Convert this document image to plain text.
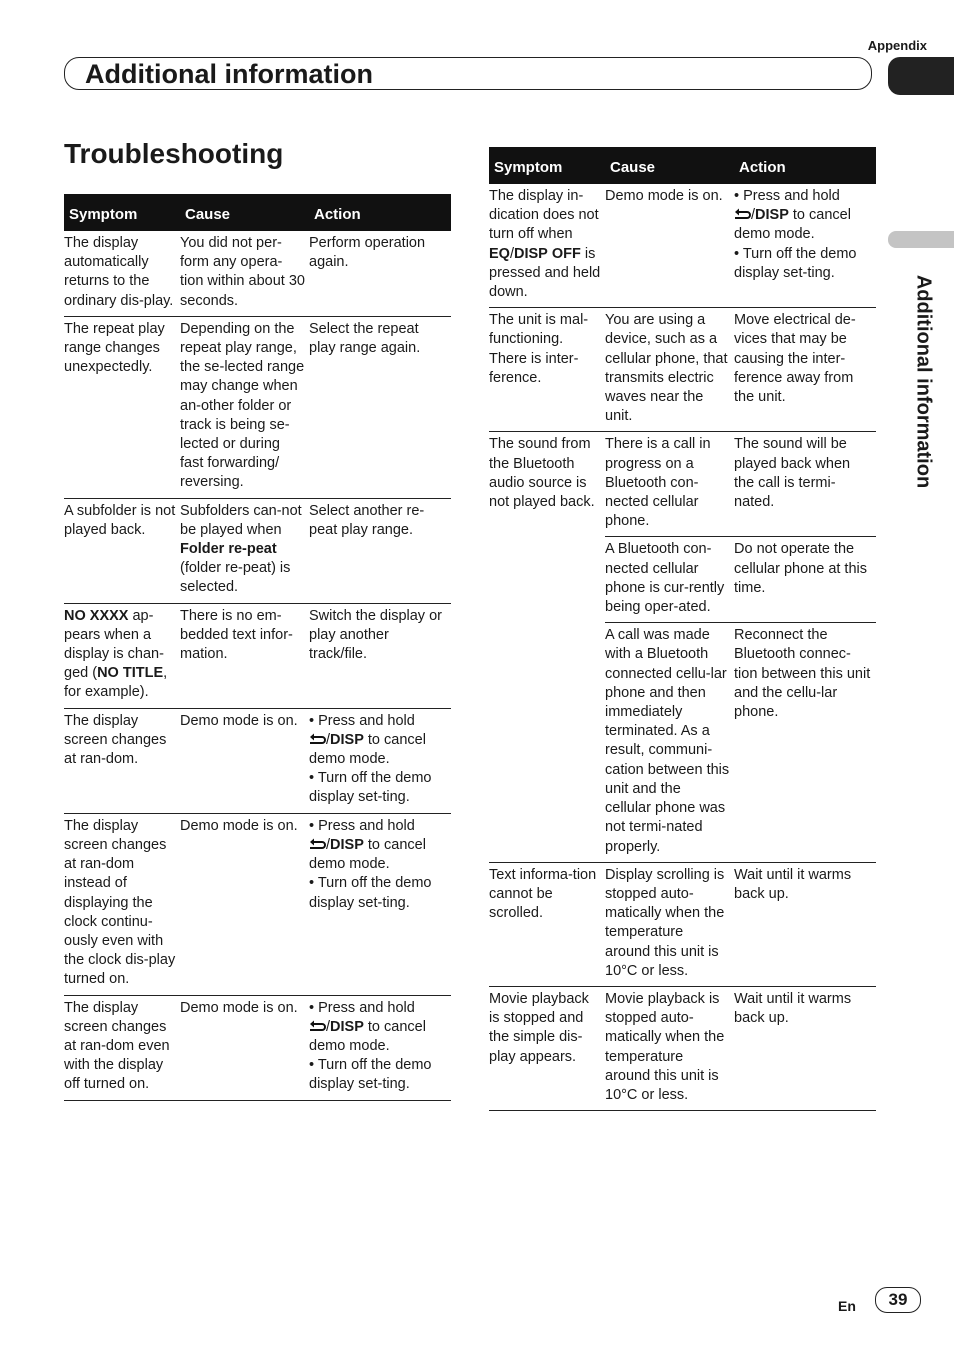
Appendix
Additional information
Additional information
Troubleshooting
Symptom	Cause	Action
The display automatically returns to the ordinary dis-play.	You did not per-form any opera-tion within about 30 seconds.	Perform operation again.
The repeat play range changes unexpectedly.	Depending on the repeat play range, the se-lected range may change when an-other folder or track is being se-lected or during fast forwarding/ reversing.	Select the repeat play range again.
A subfolder is not played back.	Subfolders can-not be played when Folder re-peat (folder re-peat) is selected.	Select another re-peat play range.
NO XXXX ap-pears when a display is chan-ged (NO TITLE, for example).	There is no em-bedded text infor-mation.	Switch the display or play another track/file.
The display screen changes at ran-dom.	Demo mode is on.	• Press and hold
/DISP to cancel demo mode.
• Turn off the demo display set-ting.

The display screen changes at ran-dom instead of displaying the clock continu-ously even with the clock dis-play turned on.	Demo mode is on.	• Press and hold
/DISP to cancel demo mode.
• Turn off the demo display set-ting.

The display screen changes at ran-dom even with the display off turned on.	Demo mode is on.	• Press and hold
/DISP to cancel demo mode.
• Turn off the demo display set-ting.
Symptom	Cause	Action
The display in-dication does not turn off when EQ/DISP OFF is pressed and held down.	Demo mode is on.	• Press and hold
/DISP to cancel demo mode.
• Turn off the demo display set-ting.

The unit is mal-functioning. There is inter-ference.	You are using a device, such as a cellular phone, that transmits electric waves near the unit.	Move electrical de-vices that may be causing the inter-ference away from the unit.
The sound from the Bluetooth audio source is not played back.	There is a call in progress on a Bluetooth con-nected cellular phone.	The sound will be played back when the call is termi-nated.
	A Bluetooth con-nected cellular phone is cur-rently being oper-ated.	Do not operate the cellular phone at this time.
	A call was made with a Bluetooth connected cellu-lar phone and then immediately terminated. As a result, communi-cation between this unit and the cellular phone was not termi-nated properly.	Reconnect the Bluetooth connec-tion between this unit and the cellu-lar phone.
Text informa-tion cannot be scrolled.	Display scrolling is stopped auto-matically when the temperature around this unit is 10°C or less.	Wait until it warms back up.
Movie playback is stopped and the simple dis-play appears.	Movie playback is stopped auto-matically when the temperature around this unit is 10°C or less.	Wait until it warms back up.
En	39
